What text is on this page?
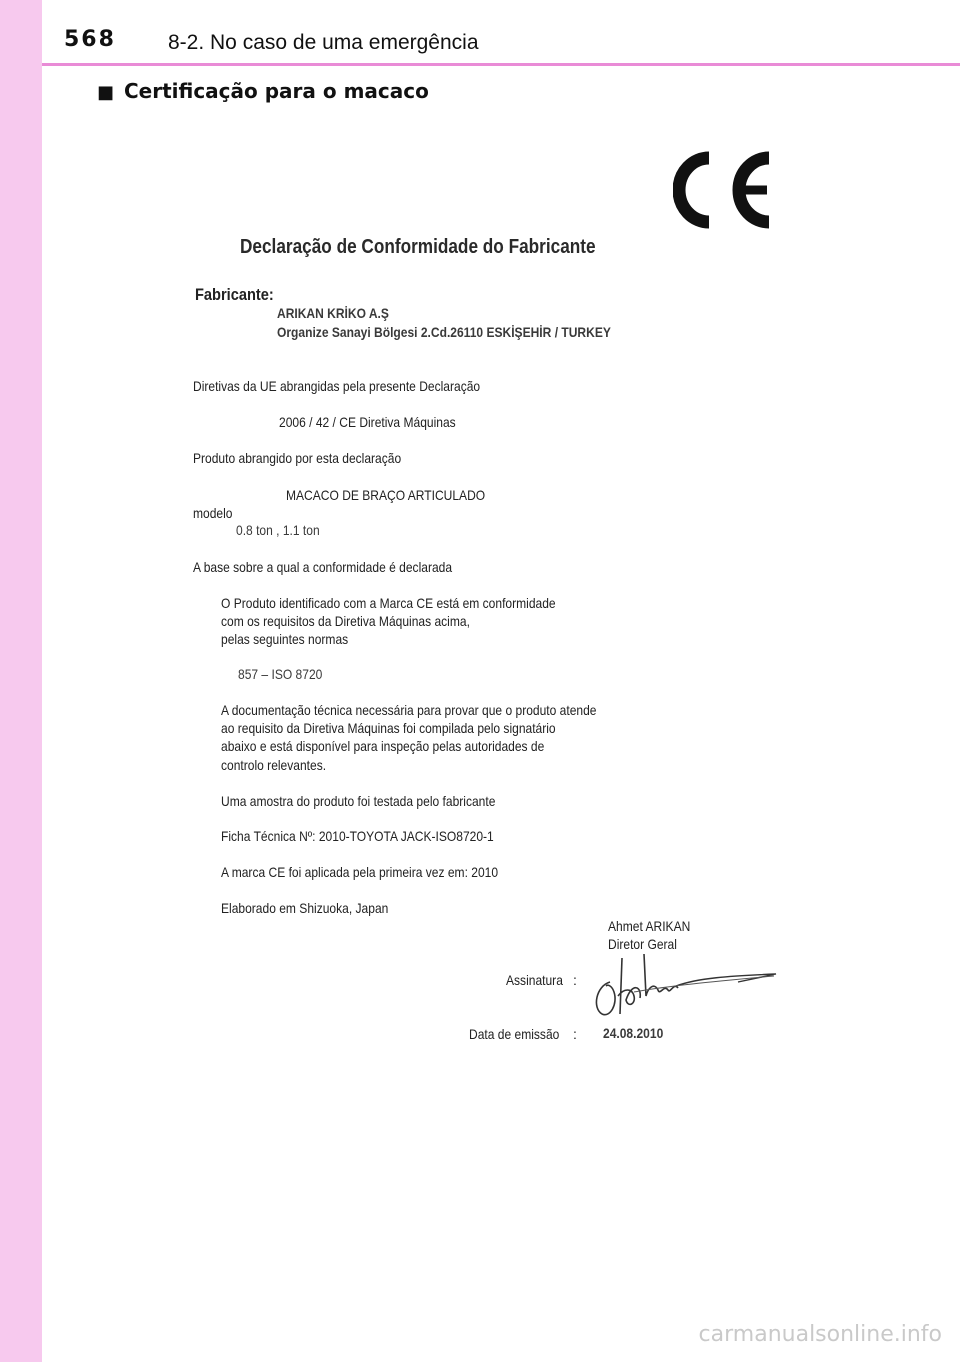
568 8-2. No caso de uma emergência
■ Certificação para o macaco
Declaração de Conformidade do Fabricante
Fabricante:
ARIKAN KRİKO A.Ş
Organize Sanayi Bölgesi 2.Cd.26110 ESKİŞEHİR / TURKEY
Diretivas da UE abrangidas pela presente Declaração
2006 / 42 / CE Diretiva Máquinas
Produto abrangido por esta declaração
MACACO DE BRAÇO ARTICULADO
modelo
0.8 ton , 1.1 ton
A base sobre a qual a conformidade é declarada
O Produto identificado com a Marca CE está em conformidade
com os requisitos da Diretiva Máquinas acima,
pelas seguintes normas
857 – ISO 8720
A documentação técnica necessária para provar que o produto atende
ao requisito da Diretiva Máquinas foi compilada pelo signatário
abaixo e está disponível para inspeção pelas autoridades de
controlo relevantes.
Uma amostra do produto foi testada pelo fabricante
Ficha Técnica Nº: 2010-TOYOTA JACK-ISO8720-1
A marca CE foi aplicada pela primeira vez em: 2010
Elaborado em Shizuoka, Japan
Ahmet ARIKAN
Diretor Geral
Assinatura :
Data de emissão : 24.08.2010
carmanualsonline.info
